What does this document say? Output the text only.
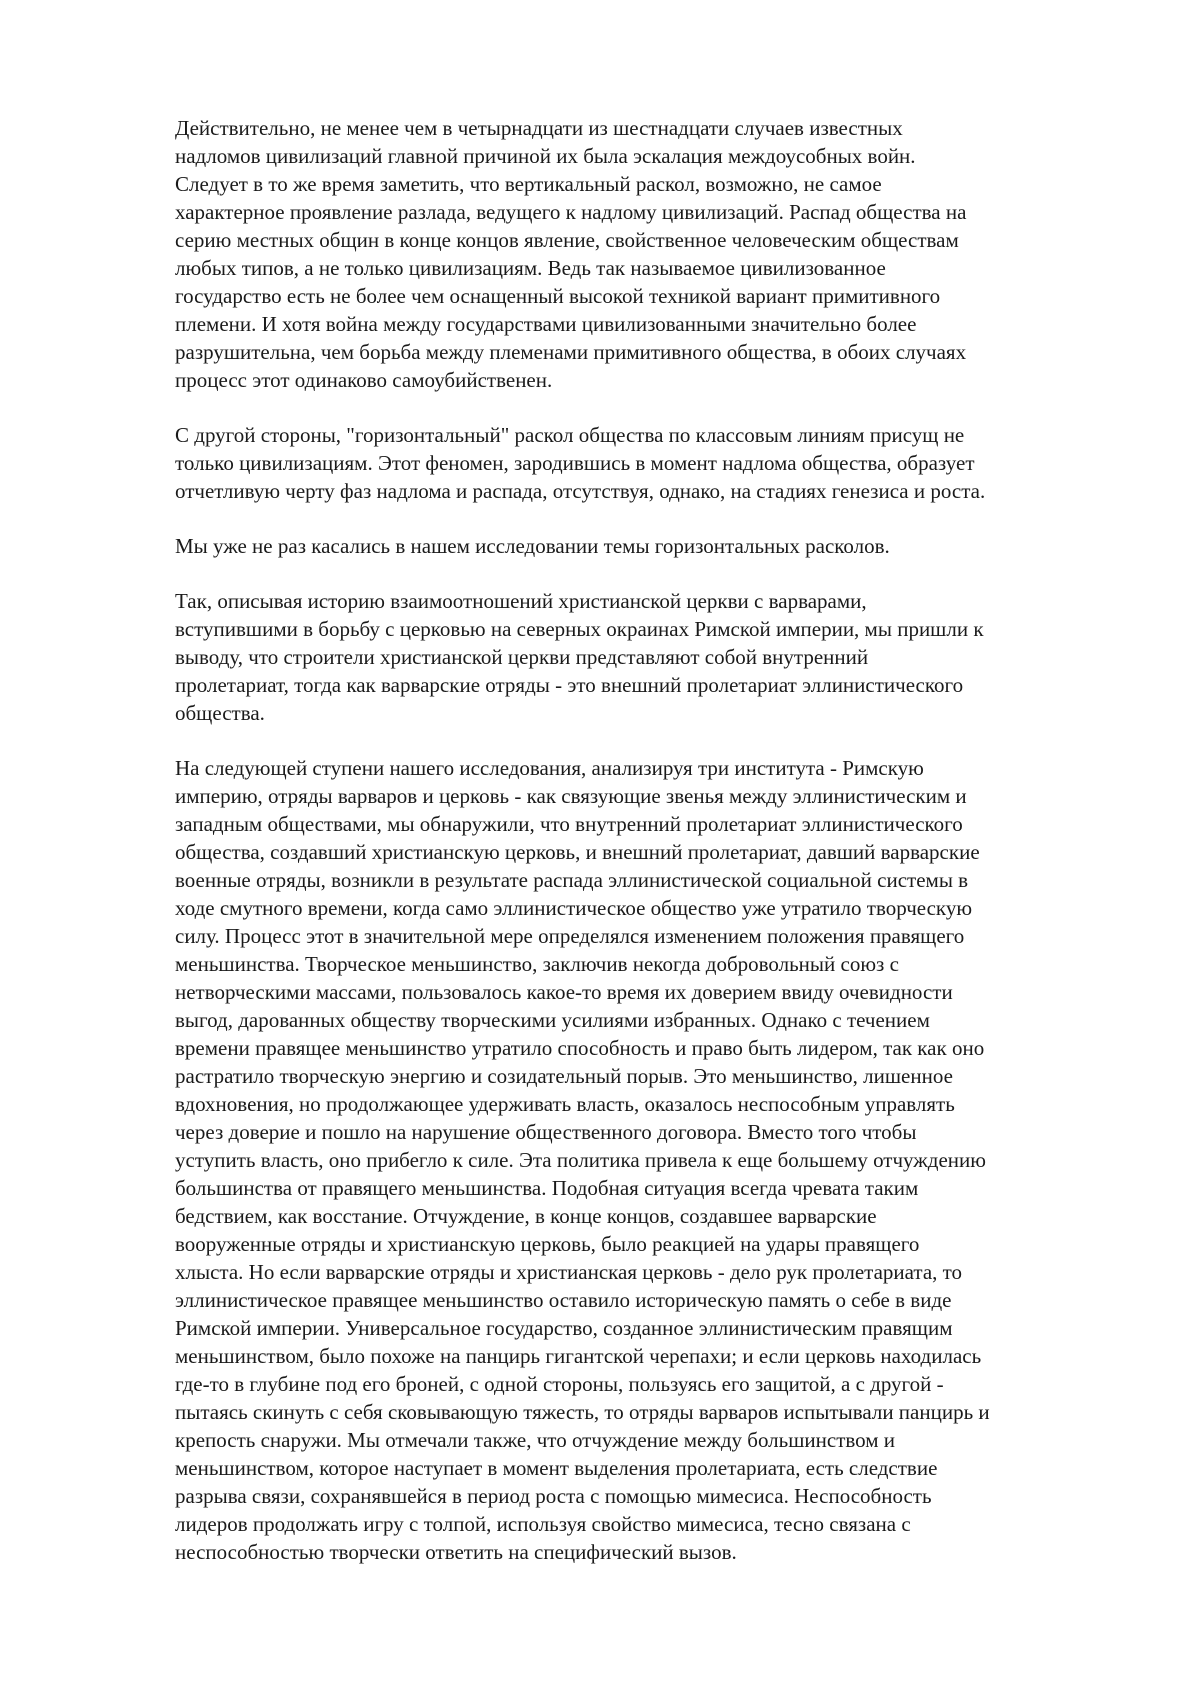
Действительно, не менее чем в четырнадцати из шестнадцати случаев известных
надломов цивилизаций главной причиной их была эскалация междоусобных войн.
Следует в то же время заметить, что вертикальный раскол, возможно, не самое
характерное проявление разлада, ведущего к надлому цивилизаций. Распад общества на
серию местных общин в конце концов явление, свойственное человеческим обществам
любых типов, а не только цивилизациям. Ведь так называемое цивилизованное
государство есть не более чем оснащенный высокой техникой вариант примитивного
племени. И хотя война между государствами цивилизованными значительно более
разрушительна, чем борьба между племенами примитивного общества, в обоих случаях
процесс этот одинаково самоубийственен.
С другой стороны, "горизонтальный" раскол общества по классовым линиям присущ не
только цивилизациям. Этот феномен, зародившись в момент надлома общества, образует
отчетливую черту фаз надлома и распада, отсутствуя, однако, на стадиях генезиса и роста.
Мы уже не раз касались в нашем исследовании темы горизонтальных расколов.
Так, описывая историю взаимоотношений христианской церкви с варварами,
вступившими в борьбу с церковью на северных окраинах Римской империи, мы пришли к
выводу, что строители христианской церкви представляют собой внутренний
пролетариат, тогда как варварские отряды - это внешний пролетариат эллинистического
общества.
На следующей ступени нашего исследования, анализируя три института - Римскую
империю, отряды варваров и церковь - как связующие звенья между эллинистическим и
западным обществами, мы обнаружили, что внутренний пролетариат эллинистического
общества, создавший христианскую церковь, и внешний пролетариат, давший варварские
военные отряды, возникли в результате распада эллинистической социальной системы в
ходе смутного времени, когда само эллинистическое общество уже утратило творческую
силу. Процесс этот в значительной мере определялся изменением положения правящего
меньшинства. Творческое меньшинство, заключив некогда добровольный союз с
нетворческими массами, пользовалось какое-то время их доверием ввиду очевидности
выгод, дарованных обществу творческими усилиями избранных. Однако с течением
времени правящее меньшинство утратило способность и право быть лидером, так как оно
растратило творческую энергию и созидательный порыв. Это меньшинство, лишенное
вдохновения, но продолжающее удерживать власть, оказалось неспособным управлять
через доверие и пошло на нарушение общественного договора. Вместо того чтобы
уступить власть, оно прибегло к силе. Эта политика привела к еще большему отчуждению
большинства от правящего меньшинства. Подобная ситуация всегда чревата таким
бедствием, как восстание. Отчуждение, в конце концов, создавшее варварские
вооруженные отряды и христианскую церковь, было реакцией на удары правящего
хлыста. Но если варварские отряды и христианская церковь - дело рук пролетариата, то
эллинистическое правящее меньшинство оставило историческую память о себе в виде
Римской империи. Универсальное государство, созданное эллинистическим правящим
меньшинством, было похоже на панцирь гигантской черепахи; и если церковь находилась
где-то в глубине под его броней, с одной стороны, пользуясь его защитой, а с другой -
пытаясь скинуть с себя сковывающую тяжесть, то отряды варваров испытывали панцирь и
крепость снаружи. Мы отмечали также, что отчуждение между большинством и
меньшинством, которое наступает в момент выделения пролетариата, есть следствие
разрыва связи, сохранявшейся в период роста с помощью мимесиса. Неспособность
лидеров продолжать игру с толпой, используя свойство мимесиса, тесно связана с
неспособностью творчески ответить на специфический вызов.
